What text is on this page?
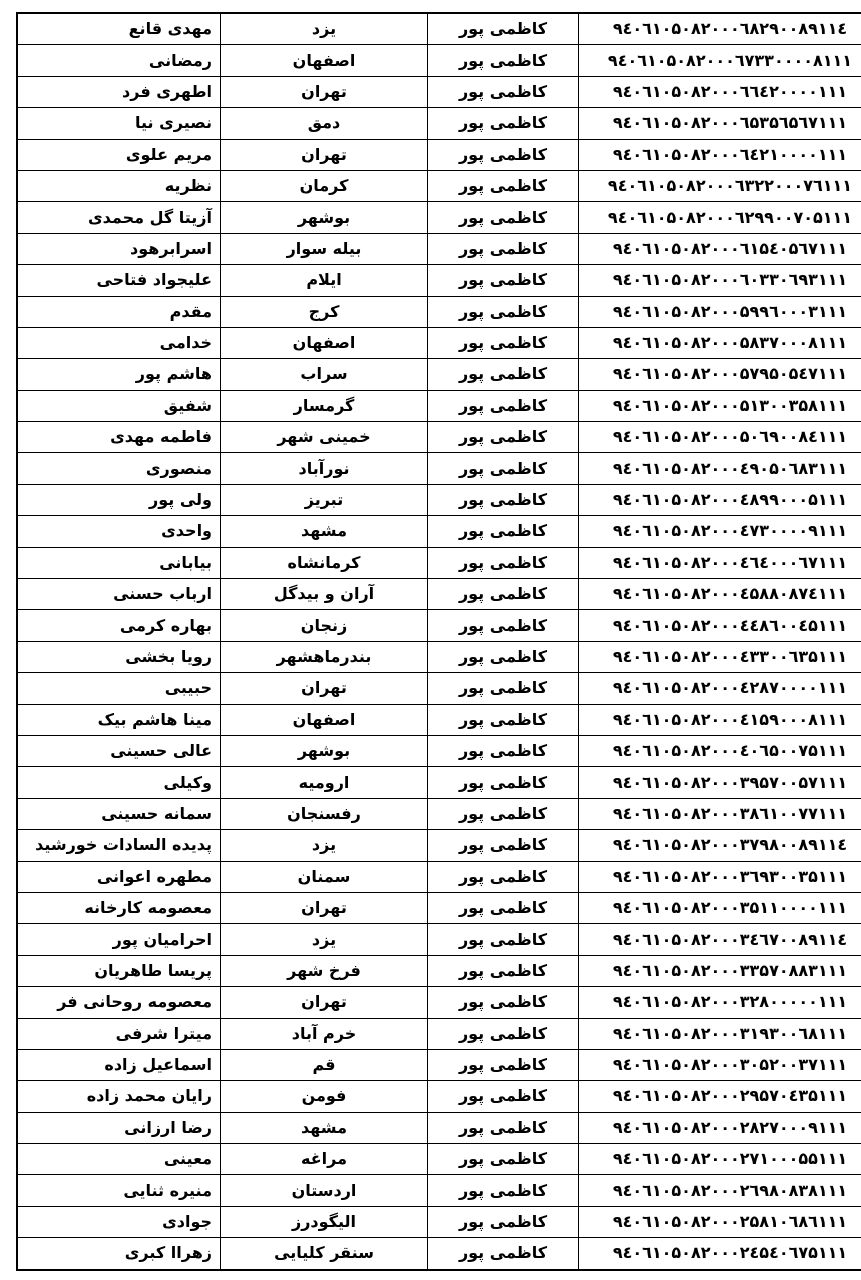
مهدی قانع	یزد	کاظمی پور	۹٤۰٦۱۰۵۰۸۲۰۰۰٦۸۲۹۰۰۸۹۱۱٤
رمضانی	اصفهان	کاظمی پور	۹٤۰٦۱۰۵۰۸۲۰۰۰٦۷۳۳۰۰۰۰۸۱۱۱
اطهری فرد	تهران	کاظمی پور	۹٤۰٦۱۰۵۰۸۲۰۰۰٦٦٤۲۰۰۰۰۱۱۱
نصیری نیا	دمق	کاظمی پور	۹٤۰٦۱۰۵۰۸۲۰۰۰٦۵۳۵٦۵٦۷۱۱۱
مریم علوی	تهران	کاظمی پور	۹٤۰٦۱۰۵۰۸۲۰۰۰٦٤۲۱۰۰۰۰۱۱۱
نظریه	کرمان	کاظمی پور	۹٤۰٦۱۰۵۰۸۲۰۰۰٦۳۲۲۰۰۰۷٦۱۱۱
آزیتا گل محمدی	بوشهر	کاظمی پور	۹٤۰٦۱۰۵۰۸۲۰۰۰٦۲۹۹۰۰۷۰۵۱۱۱
اسرابرهود	بیله سوار	کاظمی پور	۹٤۰٦۱۰۵۰۸۲۰۰۰٦۱۵٤۰۵٦۷۱۱۱
علیجواد فتاحی	ایلام	کاظمی پور	۹٤۰٦۱۰۵۰۸۲۰۰۰٦۰۳۳۰٦۹۳۱۱۱
مقدم	کرج	کاظمی پور	۹٤۰٦۱۰۵۰۸۲۰۰۰۵۹۹٦۰۰۰۳۱۱۱
خدامی	اصفهان	کاظمی پور	۹٤۰٦۱۰۵۰۸۲۰۰۰۵۸۳۷۰۰۰۸۱۱۱
هاشم پور	سراب	کاظمی پور	۹٤۰٦۱۰۵۰۸۲۰۰۰۵۷۹۵۰۵٤۷۱۱۱
شفیق	گرمسار	کاظمی پور	۹٤۰٦۱۰۵۰۸۲۰۰۰۵۱۳۰۰۳۵۸۱۱۱
فاطمه مهدی	خمینی شهر	کاظمی پور	۹٤۰٦۱۰۵۰۸۲۰۰۰۵۰٦۹۰۰۸٤۱۱۱
منصوری	نورآباد	کاظمی پور	۹٤۰٦۱۰۵۰۸۲۰۰۰٤۹۰۵۰٦۸۳۱۱۱
ولی پور	تبریز	کاظمی پور	۹٤۰٦۱۰۵۰۸۲۰۰۰٤۸۹۹۰۰۰۵۱۱۱
واحدی	مشهد	کاظمی پور	۹٤۰٦۱۰۵۰۸۲۰۰۰٤۷۳۰۰۰۰۹۱۱۱
بیابانی	کرمانشاه	کاظمی پور	۹٤۰٦۱۰۵۰۸۲۰۰۰٤٦٤۰۰۰٦۷۱۱۱
ارباب حسنی	آران و بیدگل	کاظمی پور	۹٤۰٦۱۰۵۰۸۲۰۰۰٤۵۸۸۰۸۷٤۱۱۱
بهاره کرمی	زنجان	کاظمی پور	۹٤۰٦۱۰۵۰۸۲۰۰۰٤٤۸٦۰۰٤۵۱۱۱
رویا بخشی	بندرماهشهر	کاظمی پور	۹٤۰٦۱۰۵۰۸۲۰۰۰٤۳۳۰۰٦۳۵۱۱۱
حبیبی	تهران	کاظمی پور	۹٤۰٦۱۰۵۰۸۲۰۰۰٤۲۸۷۰۰۰۰۱۱۱
مینا هاشم بیک	اصفهان	کاظمی پور	۹٤۰٦۱۰۵۰۸۲۰۰۰٤۱۵۹۰۰۰۸۱۱۱
عالی حسینی	بوشهر	کاظمی پور	۹٤۰٦۱۰۵۰۸۲۰۰۰٤۰٦۵۰۰۷۵۱۱۱
وکیلی	ارومیه	کاظمی پور	۹٤۰٦۱۰۵۰۸۲۰۰۰۳۹۵۷۰۰۵۷۱۱۱
سمانه حسینی	رفسنجان	کاظمی پور	۹٤۰٦۱۰۵۰۸۲۰۰۰۳۸٦۱۰۰۷۷۱۱۱
پدیده السادات خورشید	یزد	کاظمی پور	۹٤۰٦۱۰۵۰۸۲۰۰۰۳۷۹۸۰۰۸۹۱۱٤
مطهره اعوانی	سمنان	کاظمی پور	۹٤۰٦۱۰۵۰۸۲۰۰۰۳٦۹۳۰۰۳۵۱۱۱
معصومه کارخانه	تهران	کاظمی پور	۹٤۰٦۱۰۵۰۸۲۰۰۰۳۵۱۱۰۰۰۰۱۱۱
احرامیان پور	یزد	کاظمی پور	۹٤۰٦۱۰۵۰۸۲۰۰۰۳٤٦۷۰۰۸۹۱۱٤
پریسا طاهریان	فرخ شهر	کاظمی پور	۹٤۰٦۱۰۵۰۸۲۰۰۰۳۳۵۷۰۸۸۳۱۱۱
معصومه روحانی فر	تهران	کاظمی پور	۹٤۰٦۱۰۵۰۸۲۰۰۰۳۲۸۰۰۰۰۰۱۱۱
میترا شرفی	خرم آباد	کاظمی پور	۹٤۰٦۱۰۵۰۸۲۰۰۰۳۱۹۳۰۰٦۸۱۱۱
اسماعیل زاده	قم	کاظمی پور	۹٤۰٦۱۰۵۰۸۲۰۰۰۳۰۵۲۰۰۳۷۱۱۱
رایان محمد زاده	فومن	کاظمی پور	۹٤۰٦۱۰۵۰۸۲۰۰۰۲۹۵۷۰٤۳۵۱۱۱
رضا ارزانی	مشهد	کاظمی پور	۹٤۰٦۱۰۵۰۸۲۰۰۰۲۸۲۷۰۰۰۹۱۱۱
معینی	مراغه	کاظمی پور	۹٤۰٦۱۰۵۰۸۲۰۰۰۲۷۱۰۰۰۵۵۱۱۱
منیره ثنایی	اردستان	کاظمی پور	۹٤۰٦۱۰۵۰۸۲۰۰۰۲٦۹۸۰۸۳۸۱۱۱
جوادی	الیگودرز	کاظمی پور	۹٤۰٦۱۰۵۰۸۲۰۰۰۲۵۸۱۰٦۸٦۱۱۱
زهراا کبری	سنقر کلیایی	کاظمی پور	۹٤۰٦۱۰۵۰۸۲۰۰۰۲٤۵٤۰٦۷۵۱۱۱
